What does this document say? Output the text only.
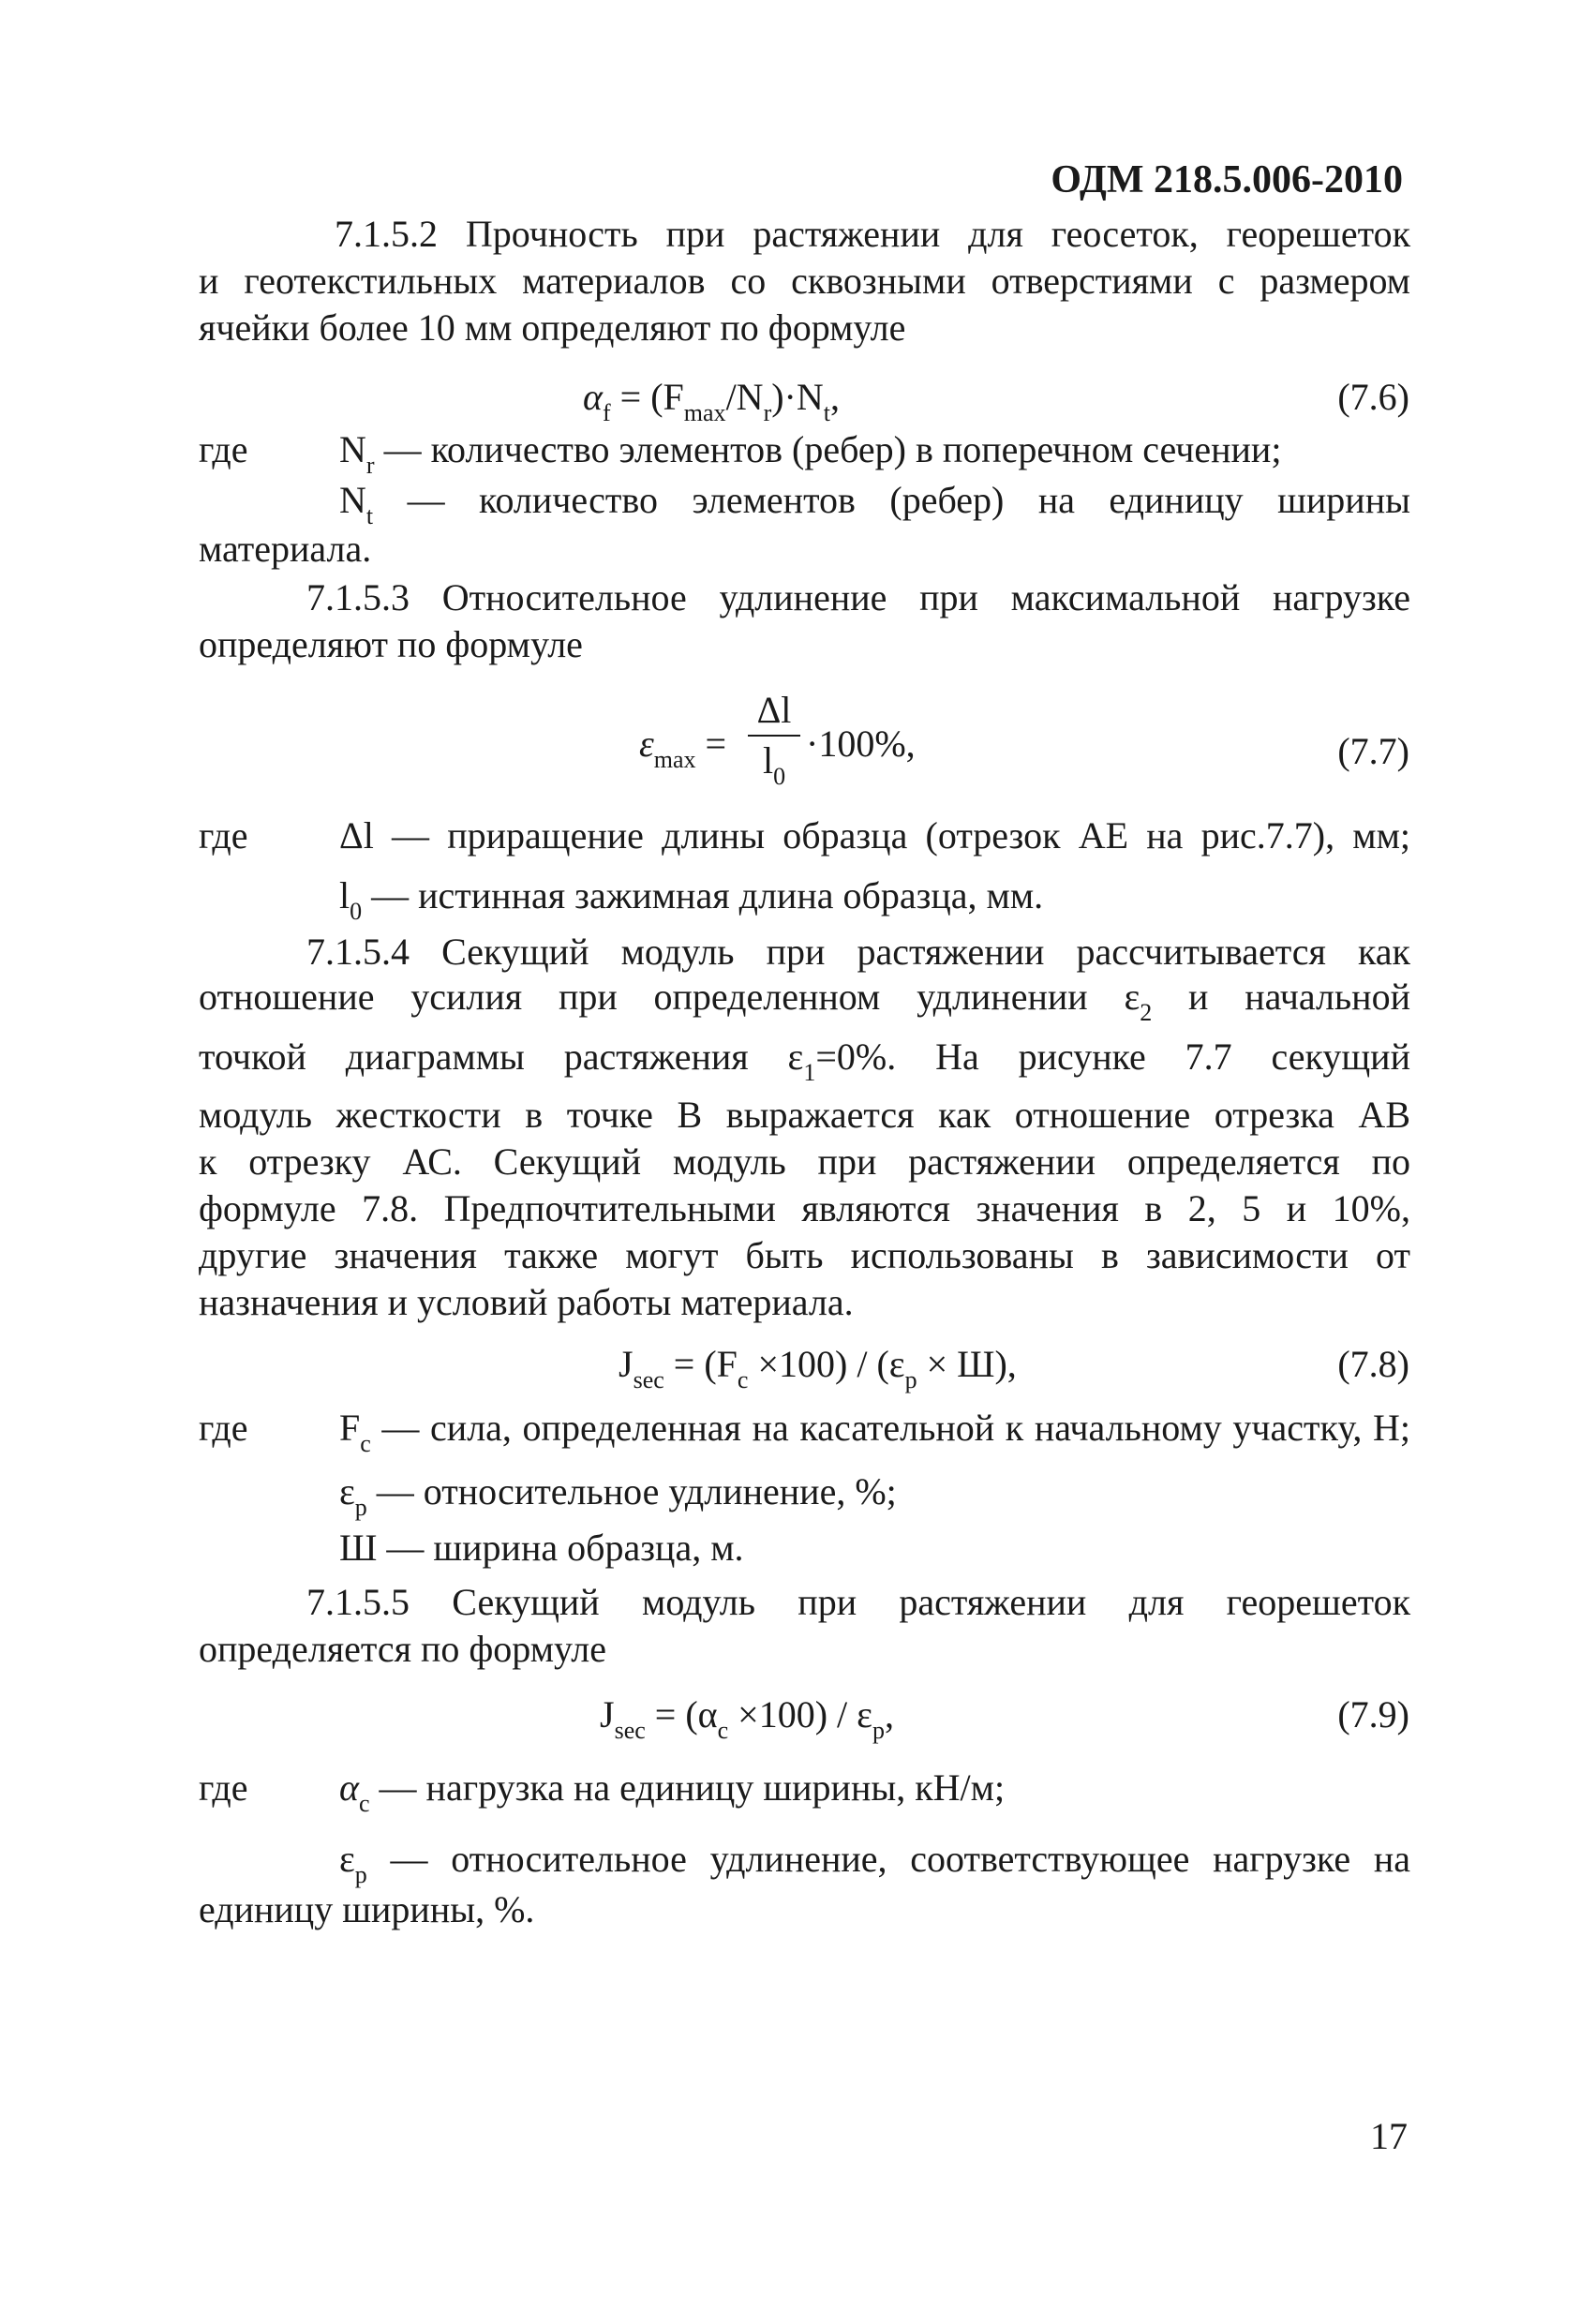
ОДМ 218.5.006-2010
7.1.5.2 Прочность при растяжении для геосеток, георешеток
и геотекстильных материалов со сквозными отверстиями с размером
ячейки более 10 мм определяют по формуле
$\alpha_f = (F_{max}/N_r)\cdot N_t$,	(7.6)
где $N_r$ — количество элементов (ребер) в поперечном сечении;
$N_t$ — количество элементов (ребер) на единицу ширины
материала.
7.1.5.3 Относительное удлинение при максимальной нагрузке
определяют по формуле
$\varepsilon_{max}$ =
Δl
$l_0$
·100%,	(7.7)
где Δl — приращение длины образца (отрезок АЕ на рис.7.7), мм;
$l_0$ — истинная зажимная длина образца, мм.
7.1.5.4 Секущий модуль при растяжении рассчитывается как
отношение усилия при определенном удлинении $\varepsilon_2$ и начальной
точкой диаграммы растяжения $\varepsilon_1=0\%$. На рисунке 7.7 секущий
модуль жесткости в точке В выражается как отношение отрезка АВ
к отрезку АС. Секущий модуль при растяжении определяется по
формуле 7.8. Предпочтительными являются значения в 2, 5 и 10%,
другие значения также могут быть использованы в зависимости от
назначения и условий работы материала.
$J_{sec} = (F_c \times 100) / (\varepsilon_p \times Ш)$,	(7.8)
где $F_c$ — сила, определенная на касательной к начальному участку, Н;
$\varepsilon_p$ — относительное удлинение, %;
Ш — ширина образца, м.
7.1.5.5 Секущий модуль при растяжении для георешеток
определяется по формуле
$J_{sec} = (\alpha_c \times 100) / \varepsilon_p$,	(7.9)
где $\alpha_c$ — нагрузка на единицу ширины, кН/м;
$\varepsilon_p$ — относительное удлинение, соответствующее нагрузке на
единицу ширины, %.
17
